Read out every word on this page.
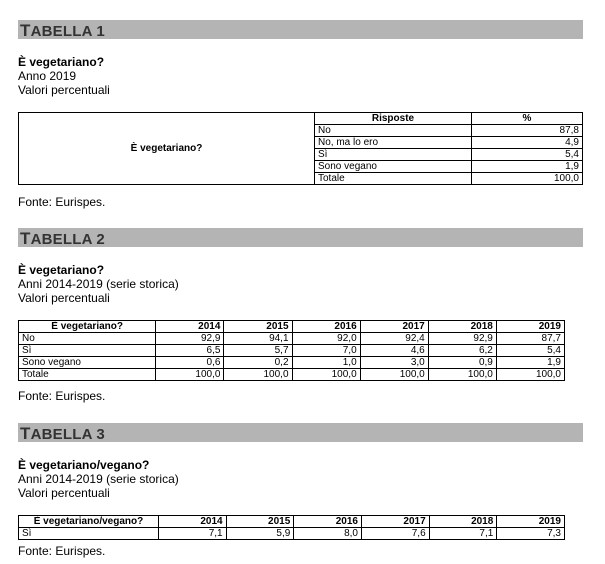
TABELLA 1
È vegetariano?
Anno 2019
Valori percentuali
È vegetariano?	Risposte	%
	No	87,8
	No, ma lo ero	4,9
	Sì	5,4
	Sono vegano	1,9
	Totale	100,0
Fonte: Eurispes.
TABELLA 2
È vegetariano?
Anni 2014-2019 (serie storica)
Valori percentuali
È vegetariano?	2014	2015	2016	2017	2018	2019
No	92,9	94,1	92,0	92,4	92,9	87,7
Sì	6,5	5,7	7,0	4,6	6,2	5,4
Sono vegano	0,6	0,2	1,0	3,0	0,9	1,9
Totale	100,0	100,0	100,0	100,0	100,0	100,0
Fonte: Eurispes.
TABELLA 3
È vegetariano/vegano?
Anni 2014-2019 (serie storica)
Valori percentuali
È vegetariano/vegano?	2014	2015	2016	2017	2018	2019
Sì	7,1	5,9	8,0	7,6	7,1	7,3
Fonte: Eurispes.
